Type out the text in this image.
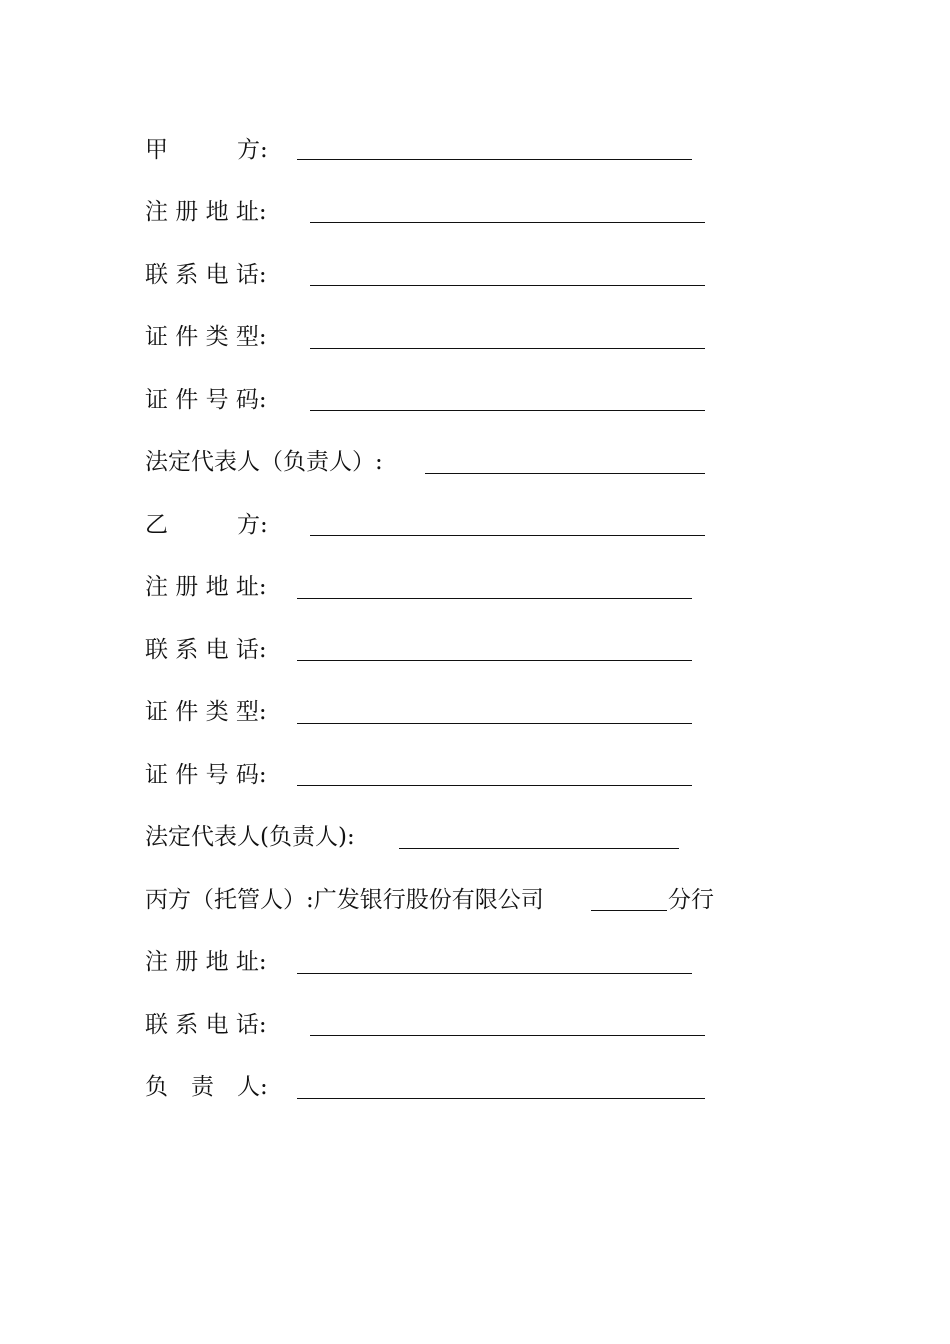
甲　　　方:
注 册 地 址:
联 系 电 话:
证 件 类 型:
证 件 号 码:
法定代表人（负责人）:
乙　　　方:
注 册 地 址:
联 系 电 话:
证 件 类 型:
证 件 号 码:
法定代表人(负责人):
丙方（托管人）:广发银行股份有限公司	分行
注 册 地 址:
联 系 电 话:
负　责　人:
